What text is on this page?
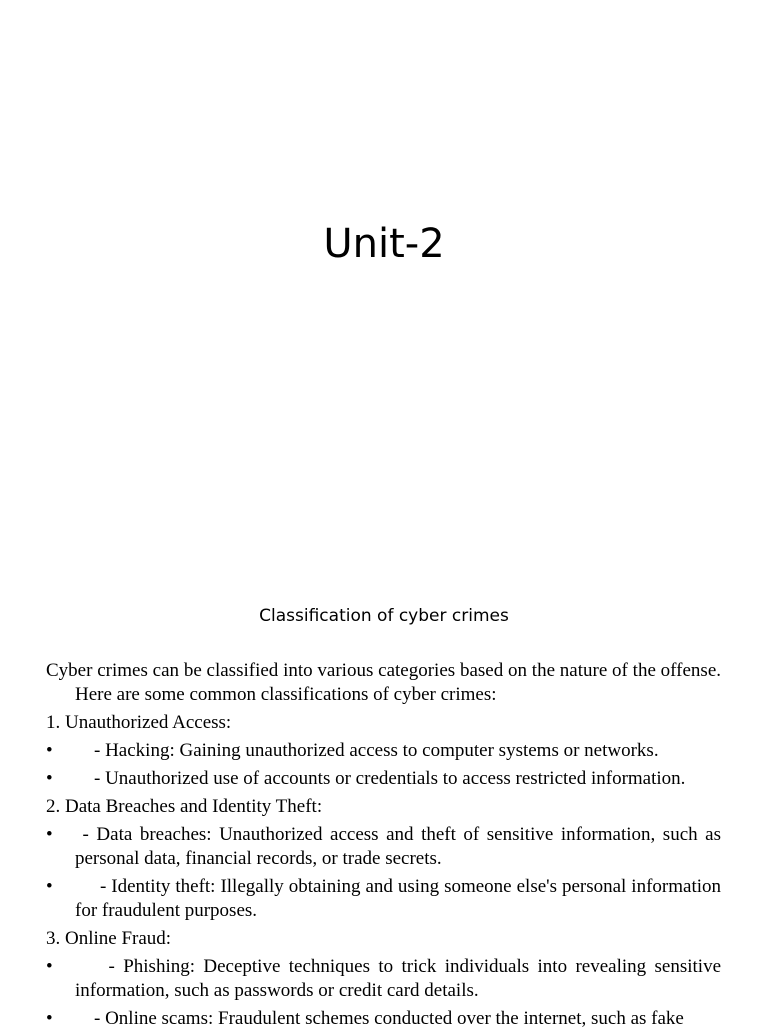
Unit-2
Classification of cyber crimes

Cyber crimes can be classified into various categories based on the nature of the offense. Here are some common classifications of cyber crimes:

1. Unauthorized Access:

• - Hacking: Gaining unauthorized access to computer systems or networks.
• - Unauthorized use of accounts or credentials to access restricted information.

2. Data Breaches and Identity Theft:

• - Data breaches: Unauthorized access and theft of sensitive information, such as personal data, financial records, or trade secrets.
• - Identity theft: Illegally obtaining and using someone else's personal information for fraudulent purposes.

3. Online Fraud:

• - Phishing: Deceptive techniques to trick individuals into revealing sensitive information, such as passwords or credit card details.
• - Online scams: Fraudulent schemes conducted over the internet, such as fake
